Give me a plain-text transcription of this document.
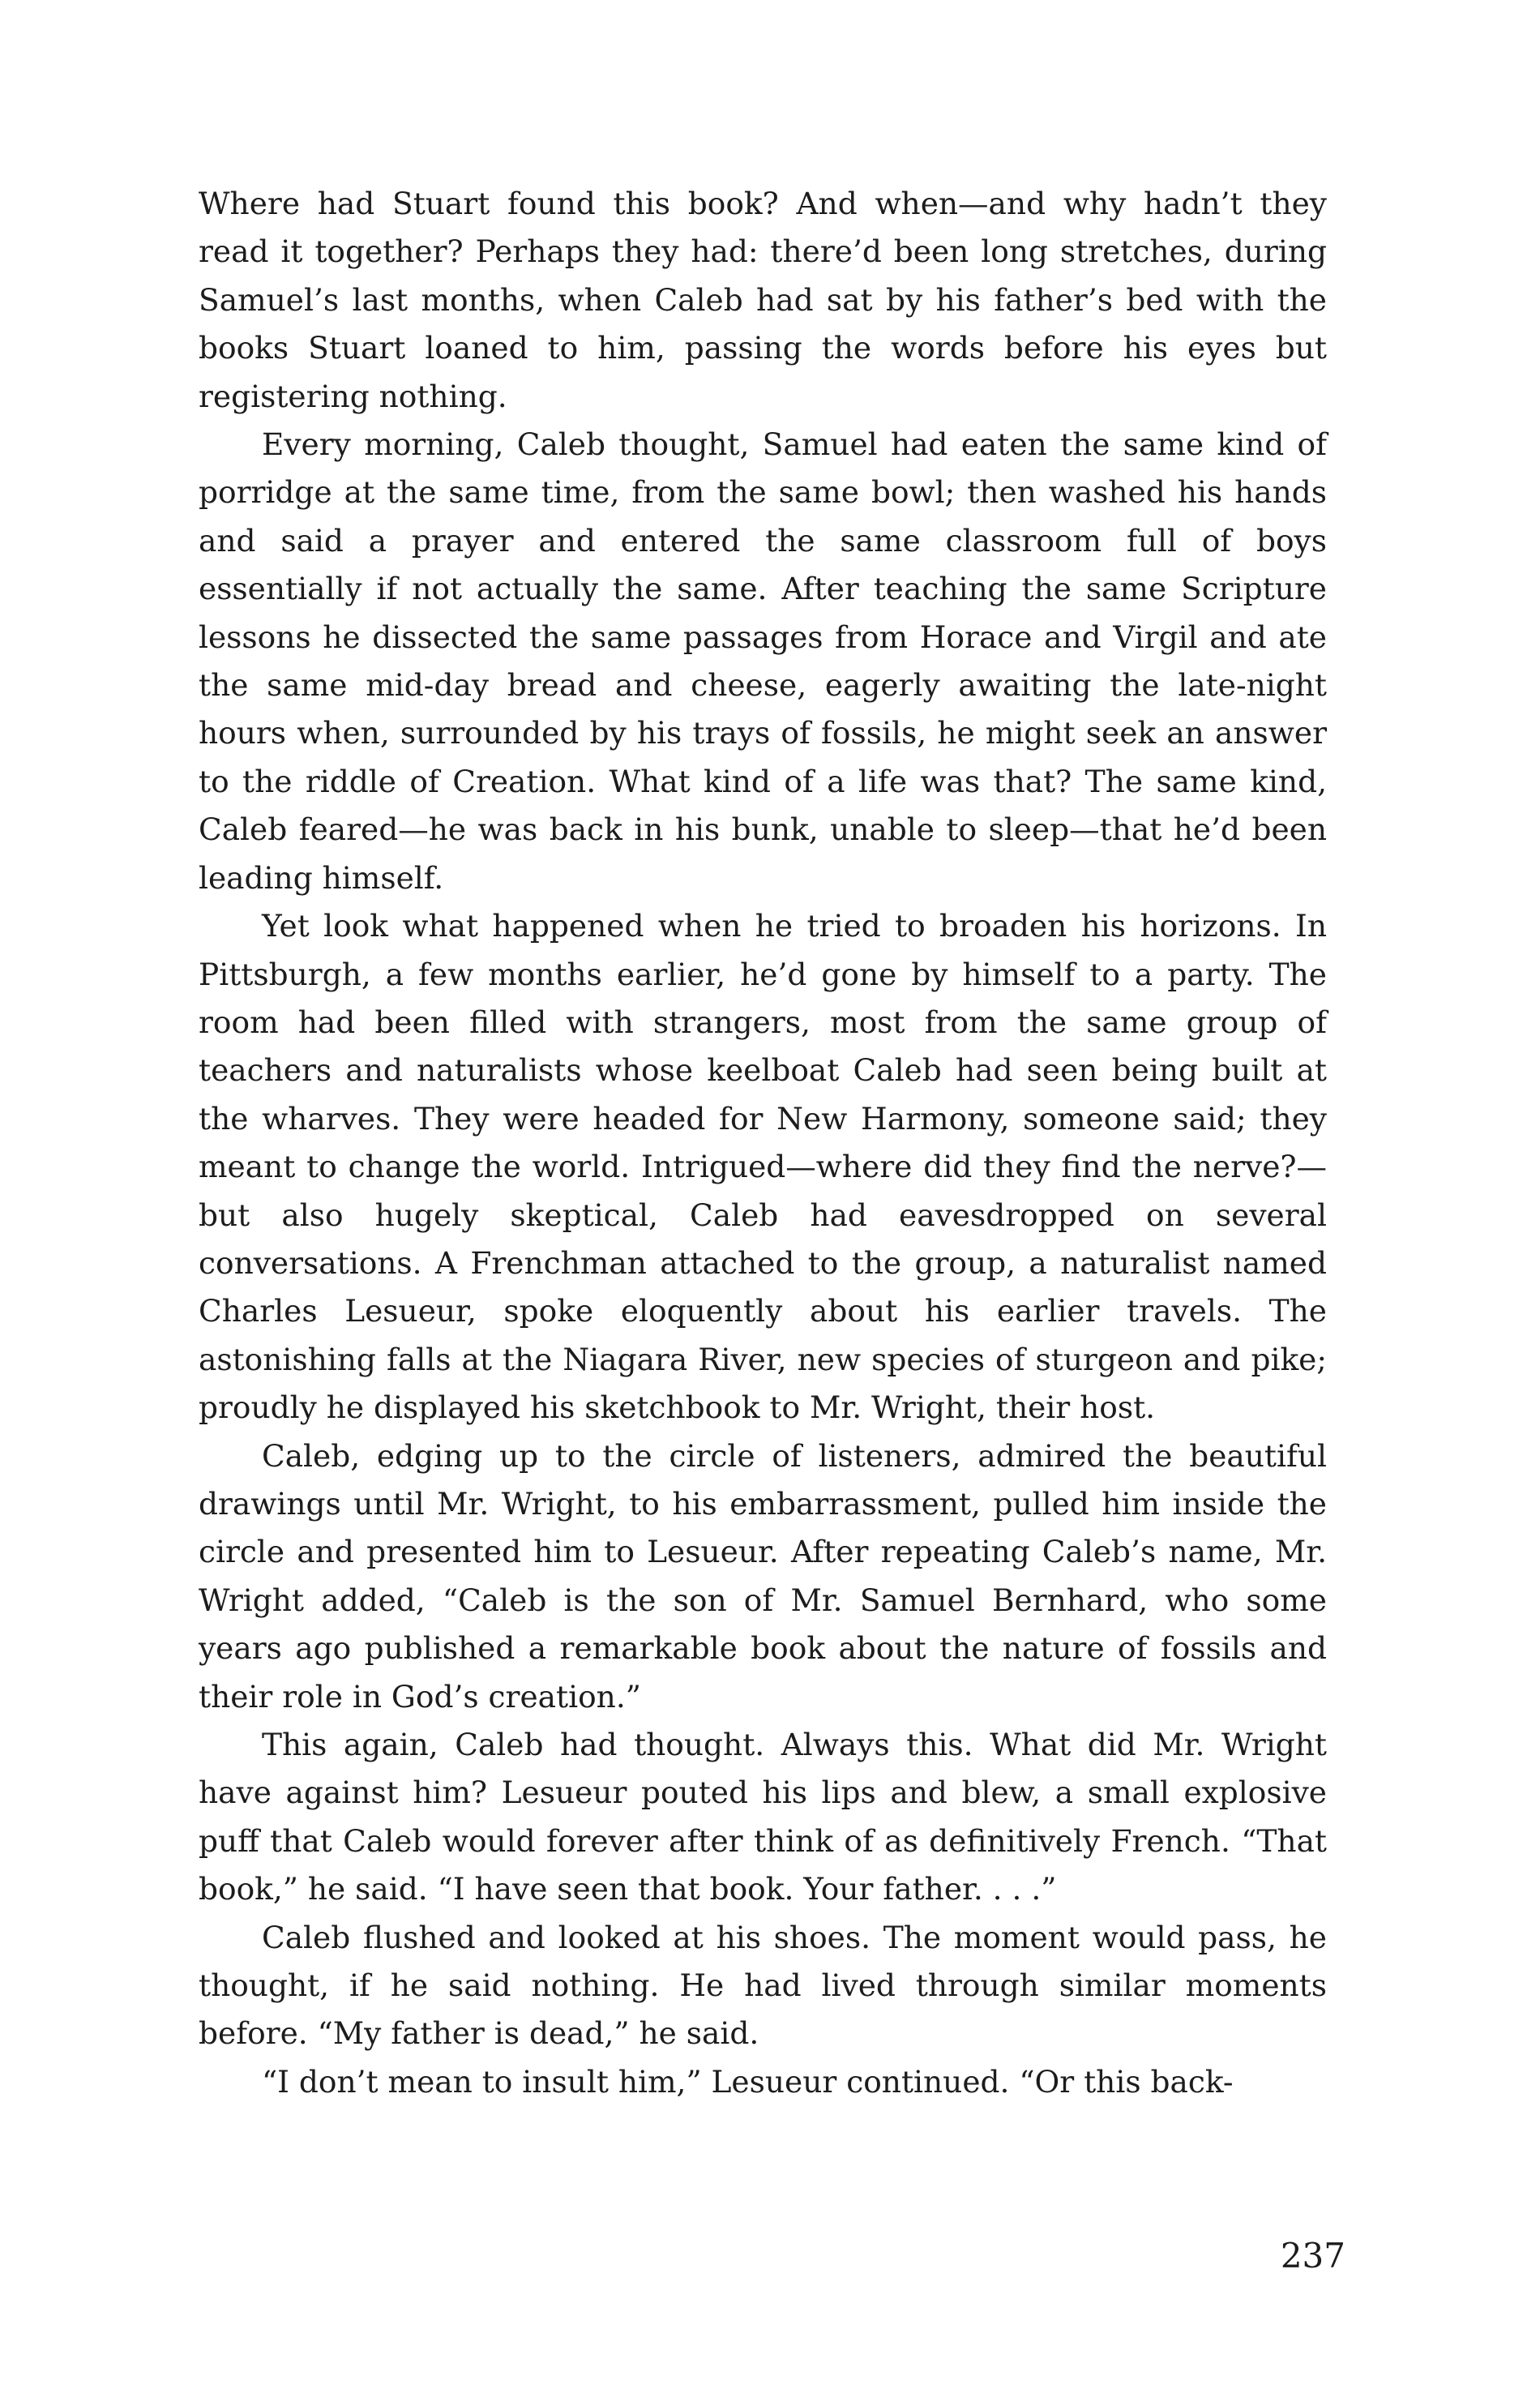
Where had Stuart found this book? And when—and why hadn’t they read it together? Perhaps they had: there’d been long stretches, during Samuel’s last months, when Caleb had sat by his father’s bed with the books Stuart loaned to him, passing the words before his eyes but registering nothing.

Every morning, Caleb thought, Samuel had eaten the same kind of porridge at the same time, from the same bowl; then washed his hands and said a prayer and entered the same classroom full of boys essentially if not actually the same. After teaching the same Scripture lessons he dissected the same passages from Horace and Virgil and ate the same mid-day bread and cheese, eagerly awaiting the late-night hours when, surrounded by his trays of fossils, he might seek an answer to the riddle of Creation. What kind of a life was that? The same kind, Caleb feared—he was back in his bunk, unable to sleep—that he’d been leading himself.

Yet look what happened when he tried to broaden his horizons. In Pittsburgh, a few months earlier, he’d gone by himself to a party. The room had been filled with strangers, most from the same group of teachers and naturalists whose keelboat Caleb had seen being built at the wharves. They were headed for New Harmony, someone said; they meant to change the world. Intrigued—where did they find the nerve?—but also hugely skeptical, Caleb had eavesdropped on several conversations. A Frenchman attached to the group, a naturalist named Charles Lesueur, spoke eloquently about his earlier travels. The astonishing falls at the Niagara River, new species of sturgeon and pike; proudly he displayed his sketchbook to Mr. Wright, their host.

Caleb, edging up to the circle of listeners, admired the beautiful drawings until Mr. Wright, to his embarrassment, pulled him inside the circle and presented him to Lesueur. After repeating Caleb’s name, Mr. Wright added, “Caleb is the son of Mr. Samuel Bernhard, who some years ago published a remarkable book about the nature of fossils and their role in God’s creation.”

This again, Caleb had thought. Always this. What did Mr. Wright have against him? Lesueur pouted his lips and blew, a small explosive puff that Caleb would forever after think of as definitively French. “That book,” he said. “I have seen that book. Your father. . . .”

Caleb flushed and looked at his shoes. The moment would pass, he thought, if he said nothing. He had lived through similar moments before. “My father is dead,” he said.

“I don’t mean to insult him,” Lesueur continued. “Or this back-

237
